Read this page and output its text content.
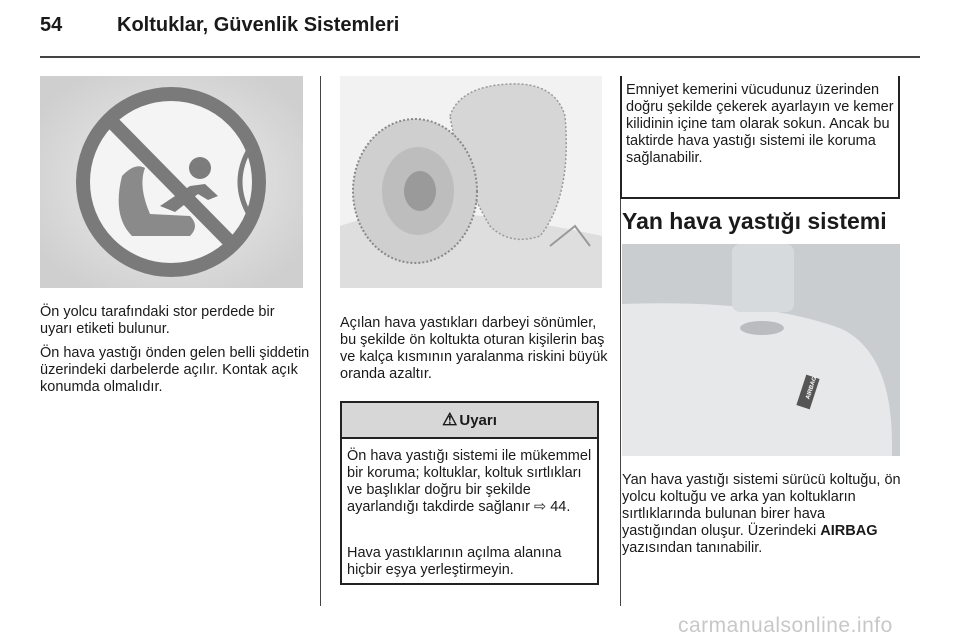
54	Koltuklar, Güvenlik Sistemleri
Ön yolcu tarafındaki stor perdede bir uyarı etiketi bulunur.
Ön hava yastığı önden gelen belli şiddetin üzerindeki darbelerde açılır. Kontak açık konumda olmalıdır.
Açılan hava yastıkları darbeyi sönümler, bu şekilde ön koltukta oturan kişilerin baş ve kalça kısmının yaralanma riskini büyük oranda azaltır.
⚠ Uyarı
Ön hava yastığı sistemi ile mükemmel bir koruma; koltuklar, koltuk sırtlıkları ve başlıklar doğru bir şekilde ayarlandığı takdirde sağlanır ⇨ 44.
Hava yastıklarının açılma alanına hiçbir eşya yerleştirmeyin.
Emniyet kemerini vücudunuz üzerinden doğru şekilde çekerek ayarlayın ve kemer kilidinin içine tam olarak sokun. Ancak bu taktirde hava yastığı sistemi ile koruma sağlanabilir.
Yan hava yastığı sistemi
AIRBAG
Yan hava yastığı sistemi sürücü koltuğu, ön yolcu koltuğu ve arka yan koltukların sırtlıklarında bulunan birer hava yastığından oluşur. Üzerindeki AIRBAG yazısından tanınabilir.
carmanualsonline.info
